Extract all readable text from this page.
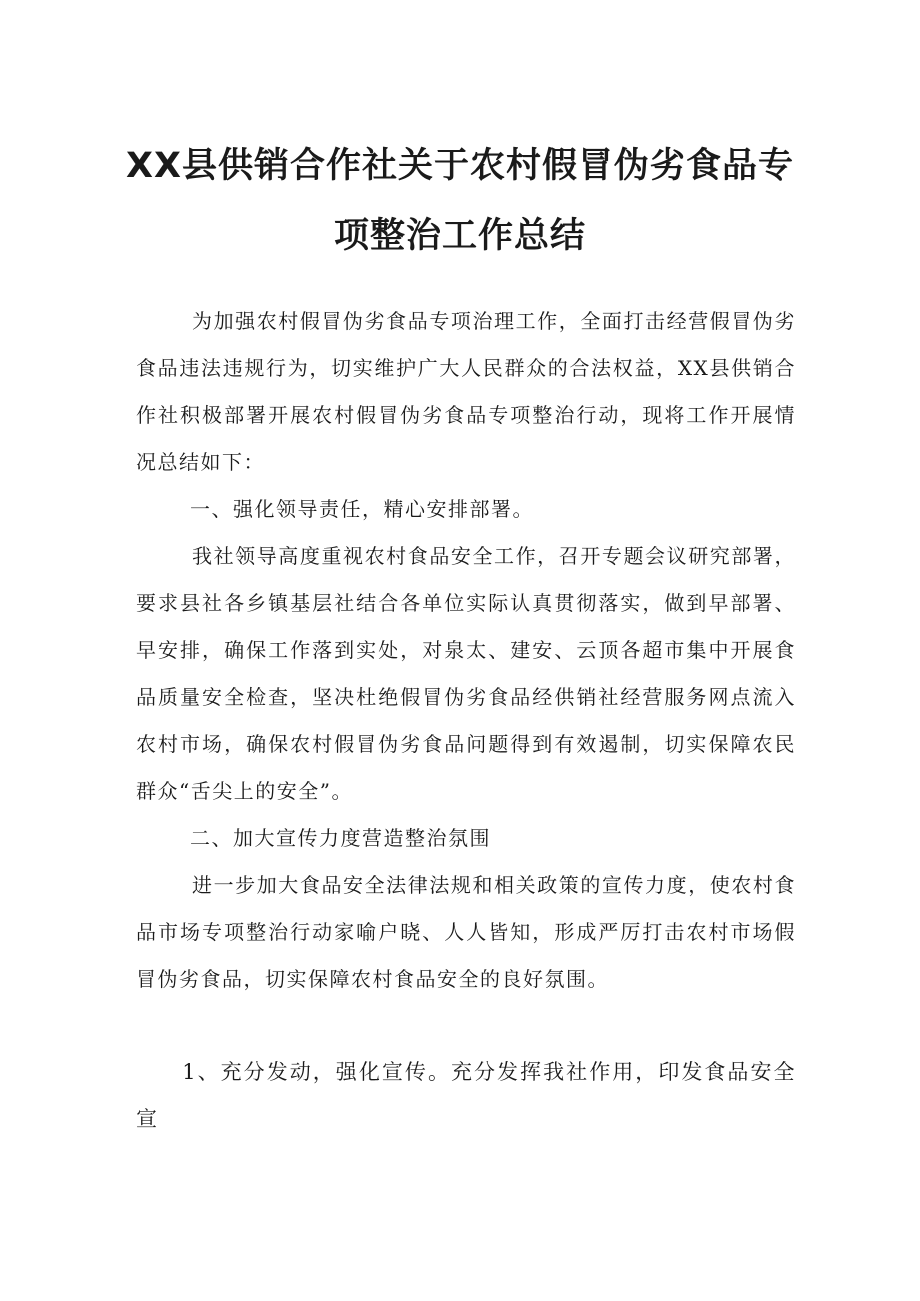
XX县供销合作社关于农村假冒伪劣食品专
项整治工作总结
为加强农村假冒伪劣食品专项治理工作，全面打击经营假冒伪劣食品违法违规行为，切实维护广大人民群众的合法权益，XX县供销合作社积极部署开展农村假冒伪劣食品专项整治行动，现将工作开展情况总结如下：
一、强化领导责任，精心安排部署。
我社领导高度重视农村食品安全工作，召开专题会议研究部署，要求县社各乡镇基层社结合各单位实际认真贯彻落实，做到早部署、早安排，确保工作落到实处，对泉太、建安、云顶各超市集中开展食品质量安全检查，坚决杜绝假冒伪劣食品经供销社经营服务网点流入农村市场，确保农村假冒伪劣食品问题得到有效遏制，切实保障农民群众“舌尖上的安全”。
二、加大宣传力度营造整治氛围
进一步加大食品安全法律法规和相关政策的宣传力度，使农村食品市场专项整治行动家喻户晓、人人皆知，形成严厉打击农村市场假冒伪劣食品，切实保障农村食品安全的良好氛围。
1、充分发动，强化宣传。充分发挥我社作用，印发食品安全宣
